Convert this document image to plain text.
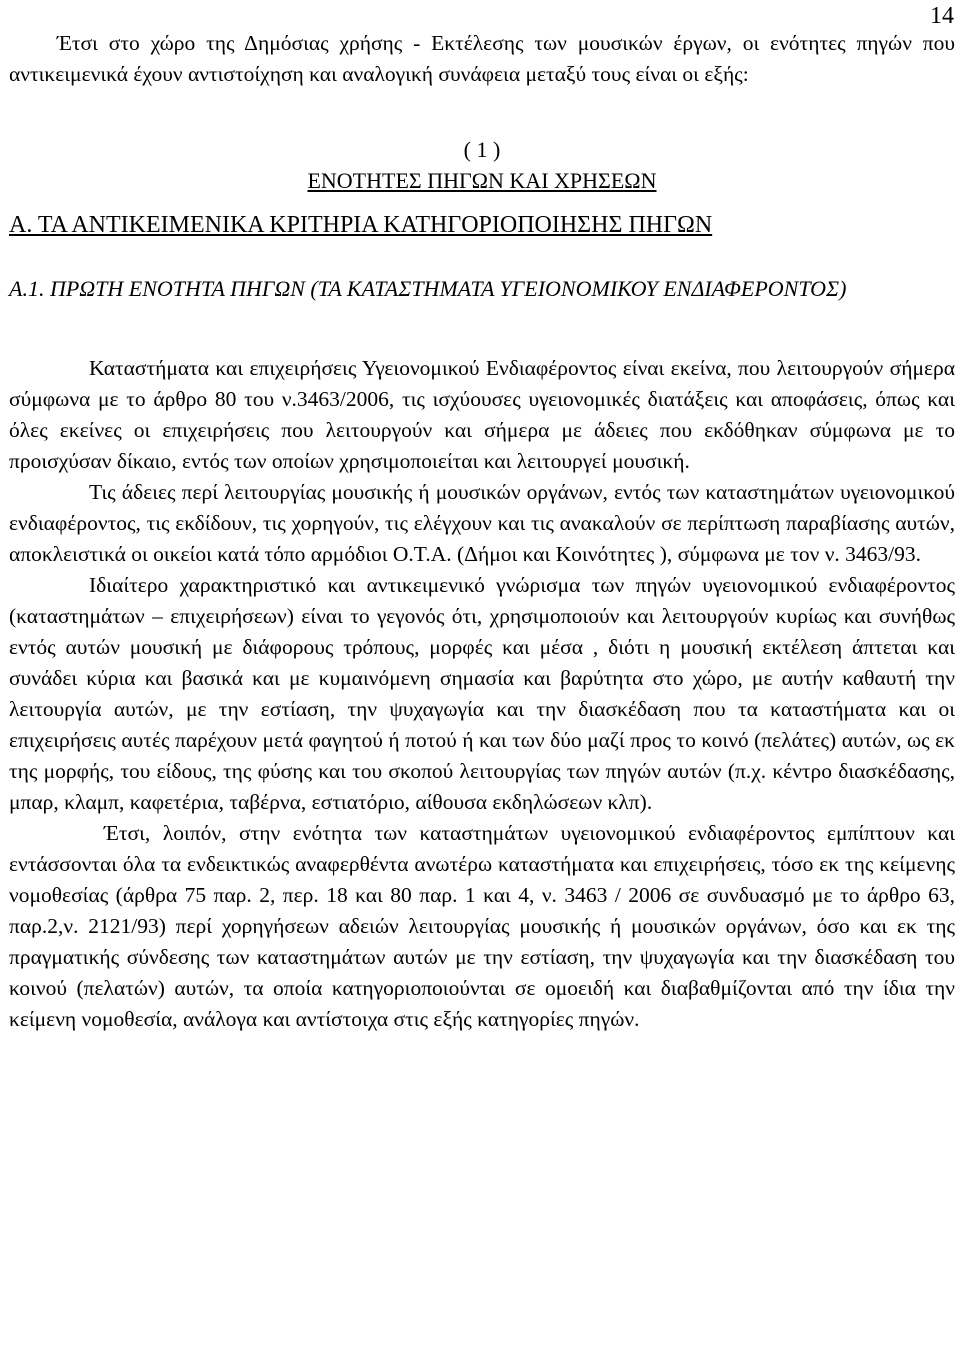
14

Έτσι στο χώρο της Δημόσιας χρήσης - Εκτέλεσης των μουσικών έργων, οι ενότητες πηγών που αντικειμενικά έχουν αντιστοίχηση και αναλογική συνάφεια μεταξύ τους είναι οι εξής:

( 1 )
ΕΝΟΤΗΤΕΣ ΠΗΓΩΝ ΚΑΙ ΧΡΗΣΕΩΝ

Α. ΤΑ ΑΝΤΙΚΕΙΜΕΝΙΚΑ ΚΡΙΤΗΡΙΑ ΚΑΤΗΓΟΡΙΟΠΟΙΗΣΗΣ ΠΗΓΩΝ

Α.1. ΠΡΩΤΗ ΕΝΟΤΗΤΑ ΠΗΓΩΝ (ΤΑ ΚΑΤΑΣΤΗΜΑΤΑ ΥΓΕΙΟΝΟΜΙΚΟΥ ΕΝΔΙΑΦΕΡΟΝΤΟΣ)

Καταστήματα και επιχειρήσεις Υγειονομικού Ενδιαφέροντος είναι εκείνα, που λειτουργούν σήμερα σύμφωνα με το άρθρο 80 του ν.3463/2006, τις ισχύουσες υγειονομικές διατάξεις και αποφάσεις, όπως και όλες εκείνες οι επιχειρήσεις που λειτουργούν και σήμερα με άδειες που εκδόθηκαν σύμφωνα με το προισχύσαν δίκαιο, εντός των οποίων χρησιμοποιείται και λειτουργεί μουσική.

Τις άδειες περί λειτουργίας μουσικής ή μουσικών οργάνων, εντός των καταστημάτων υγειονομικού ενδιαφέροντος, τις εκδίδουν, τις χορηγούν, τις ελέγχουν και τις ανακαλούν σε περίπτωση παραβίασης αυτών, αποκλειστικά οι οικείοι κατά τόπο αρμόδιοι Ο.Τ.Α. (Δήμοι και Κοινότητες ), σύμφωνα με τον ν. 3463/93.

Ιδιαίτερο χαρακτηριστικό και αντικειμενικό γνώρισμα των πηγών υγειονομικού ενδιαφέροντος (καταστημάτων – επιχειρήσεων) είναι το γεγονός ότι, χρησιμοποιούν και λειτουργούν κυρίως και συνήθως εντός αυτών μουσική με διάφορους τρόπους, μορφές και μέσα , διότι η μουσική εκτέλεση άπτεται και συνάδει κύρια και βασικά και με κυμαινόμενη σημασία και βαρύτητα στο χώρο, με αυτήν καθαυτή την λειτουργία αυτών, με την εστίαση, την ψυχαγωγία και την διασκέδαση που τα καταστήματα και οι επιχειρήσεις αυτές παρέχουν μετά φαγητού ή ποτού ή και των δύο μαζί προς το κοινό (πελάτες) αυτών, ως εκ της μορφής, του είδους, της φύσης και του σκοπού λειτουργίας των πηγών αυτών (π.χ. κέντρο διασκέδασης, μπαρ, κλαμπ, καφετέρια, ταβέρνα, εστιατόριο, αίθουσα εκδηλώσεων κλπ).

Έτσι, λοιπόν, στην ενότητα των καταστημάτων υγειονομικού ενδιαφέροντος εμπίπτουν και εντάσσονται όλα τα ενδεικτικώς αναφερθέντα ανωτέρω καταστήματα και επιχειρήσεις, τόσο εκ της κείμενης νομοθεσίας (άρθρα 75 παρ. 2, περ. 18 και 80 παρ. 1 και 4, ν. 3463 / 2006 σε συνδυασμό με το άρθρο 63, παρ.2,ν. 2121/93) περί χορηγήσεων αδειών λειτουργίας μουσικής ή μουσικών οργάνων, όσο και εκ της πραγματικής σύνδεσης των καταστημάτων αυτών με την εστίαση, την ψυχαγωγία και την διασκέδαση του κοινού (πελατών) αυτών, τα οποία κατηγοριοποιούνται σε ομοειδή και διαβαθμίζονται από την ίδια την κείμενη νομοθεσία, ανάλογα και αντίστοιχα στις εξής κατηγορίες πηγών.
